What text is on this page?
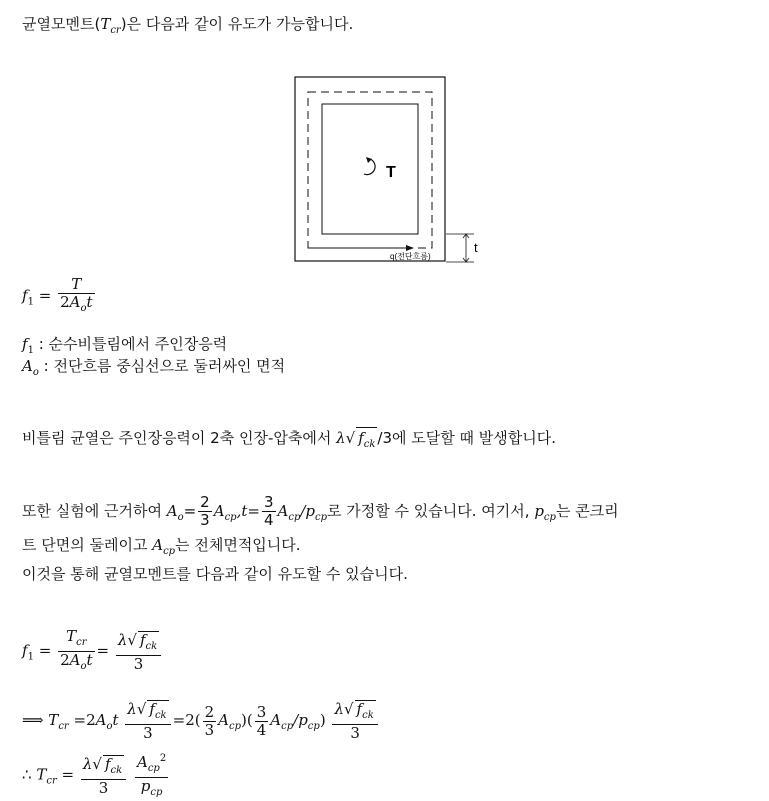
균열모멘트$(T_{cr})$은 다음과 같이 유도가 가능합니다.
T
q(전단흐름)
t
$f_1 = \frac{T}{2A_ot}$
$f_1$ : 순수비틀림에서 주인장응력
$A_o$ : 전단흐름 중심선으로 둘러싸인 면적
비틀림 균열은 주인장응력이 2축 인장-압축에서 λ√ $f_{ck}$ /3에 도달할 때 발생합니다.
또한 실험에 근거하여 $A_o= \frac{2}{3} A_{cp},t= \frac{3}{4} A_{cp}/p_{cp}$로 가정할 수 있습니다. 여기서, $p_{cp}$는 콘크리
트 단면의 둘레이고 $A_{cp}$는 전체면적입니다.
이것을 통해 균열모멘트를 다음과 같이 유도할 수 있습니다.
$f_1 = \frac{T_{cr}}{2A_ot} = \frac{\lambda√ f_{ck}}{3}$
⟹ $T_{cr} =2A_ot \frac{\lambda√ f_{ck}}{3} =2( \frac{2}{3} A_{cp})( \frac{3}{4} A_{cp}/p_{cp}) \frac{\lambda√ f_{ck}}{3}$
∴ $T_{cr} = \frac{\lambda√ f_{ck}}{3}$
$\frac{A_{cp}^2}{p_{cp}}$
